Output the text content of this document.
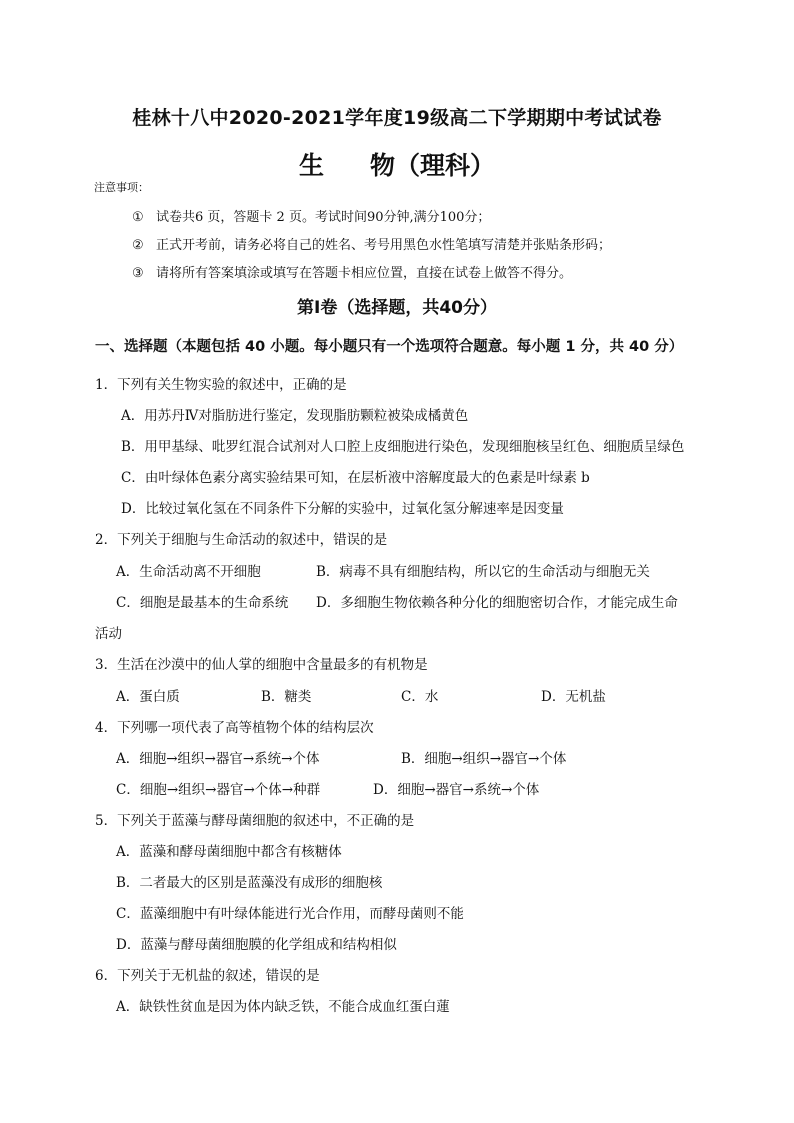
桂林十八中2020-2021学年度19级高二下学期期中考试试卷
生 物（理科）
注意事项：
① 试卷共6 页，答题卡 2 页。考试时间90分钟,满分100分；
② 正式开考前，请务必将自己的姓名、考号用黑色水性笔填写清楚并张贴条形码；
③ 请将所有答案填涂或填写在答题卡相应位置，直接在试卷上做答不得分。
第Ⅰ卷（选择题，共40分）
一、选择题（本题包括 40 小题。每小题只有一个选项符合题意。每小题 1 分，共 40 分）
1．下列有关生物实验的叙述中，正确的是
A．用苏丹Ⅳ对脂肪进行鉴定，发现脂肪颗粒被染成橘黄色
B．用甲基绿、吡罗红混合试剂对人口腔上皮细胞进行染色，发现细胞核呈红色、细胞质呈绿色
C．由叶绿体色素分离实验结果可知，在层析液中溶解度最大的色素是叶绿素 b
D．比较过氧化氢在不同条件下分解的实验中，过氧化氢分解速率是因变量
2．下列关于细胞与生命活动的叙述中，错误的是
A．生命活动离不开细胞	B．病毒不具有细胞结构，所以它的生命活动与细胞无关
C．细胞是最基本的生命系统 D．多细胞生物依赖各种分化的细胞密切合作，才能完成生命
活动
3．生活在沙漠中的仙人掌的细胞中含量最多的有机物是
A．蛋白质	B．糖类	C．水	D．无机盐
4．下列哪一项代表了高等植物个体的结构层次
A．细胞→组织→器官→系统→个体	B．细胞→组织→器官→个体
C．细胞→组织→器官→个体→种群	D．细胞→器官→系统→个体
5．下列关于蓝藻与酵母菌细胞的叙述中，不正确的是
A．蓝藻和酵母菌细胞中都含有核糖体
B．二者最大的区别是蓝藻没有成形的细胞核
C．蓝藻细胞中有叶绿体能进行光合作用，而酵母菌则不能
D．蓝藻与酵母菌细胞膜的化学组成和结构相似
6．下列关于无机盐的叙述，错误的是
A．缺铁性贫血是因为体内缺乏铁，不能合成血红蛋白蓮
